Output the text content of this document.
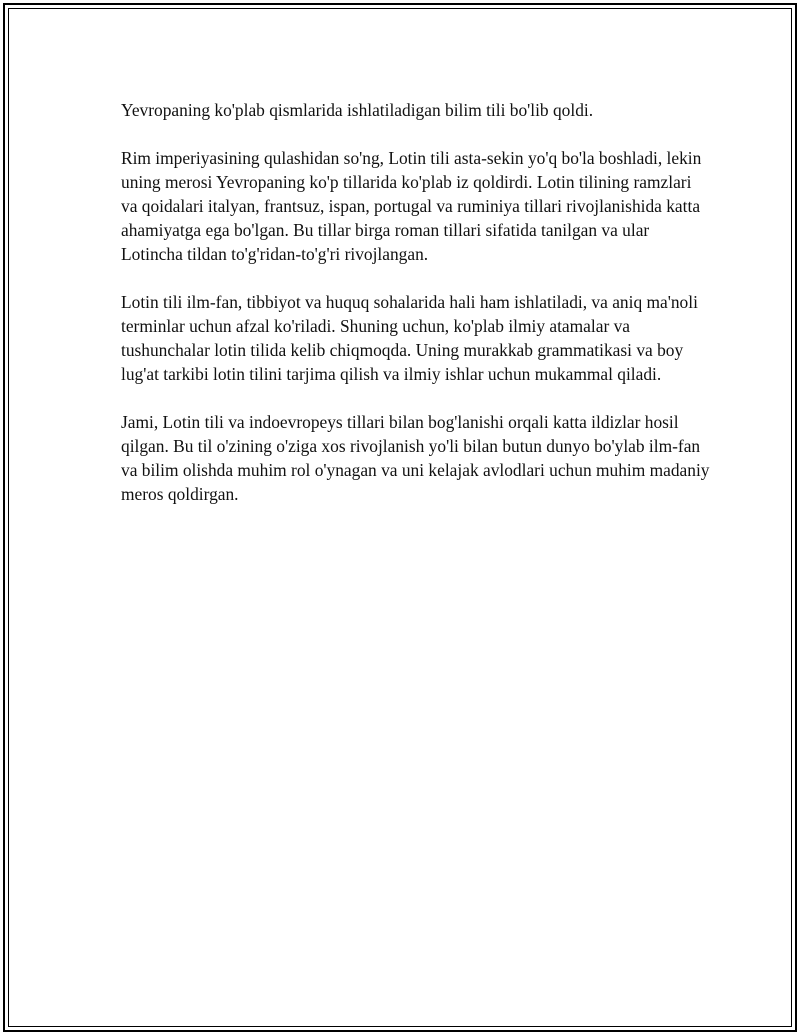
Yevropaning ko'plab qismlarida ishlatiladigan bilim tili bo'lib qoldi.

Rim imperiyasining qulashidan so'ng, Lotin tili asta-sekin yo'q bo'la boshladi, lekin uning merosi Yevropaning ko'p tillarida ko'plab iz qoldirdi. Lotin tilining ramzlari va qoidalari italyan, frantsuz, ispan, portugal va ruminiya tillari rivojlanishida katta ahamiyatga ega bo'lgan. Bu tillar birga roman tillari sifatida tanilgan va ular Lotincha tildan to'g'ridan-to'g'ri rivojlangan.

Lotin tili ilm-fan, tibbiyot va huquq sohalarida hali ham ishlatiladi, va aniq ma'noli terminlar uchun afzal ko'riladi. Shuning uchun, ko'plab ilmiy atamalar va tushunchalar lotin tilida kelib chiqmoqda. Uning murakkab grammatikasi va boy lug'at tarkibi lotin tilini tarjima qilish va ilmiy ishlar uchun mukammal qiladi.

Jami, Lotin tili va indoevropeys tillari bilan bog'lanishi orqali katta ildizlar hosil qilgan. Bu til o'zining o'ziga xos rivojlanish yo'li bilan butun dunyo bo'ylab ilm-fan va bilim olishda muhim rol o'ynagan va uni kelajak avlodlari uchun muhim madaniy meros qoldirgan.
